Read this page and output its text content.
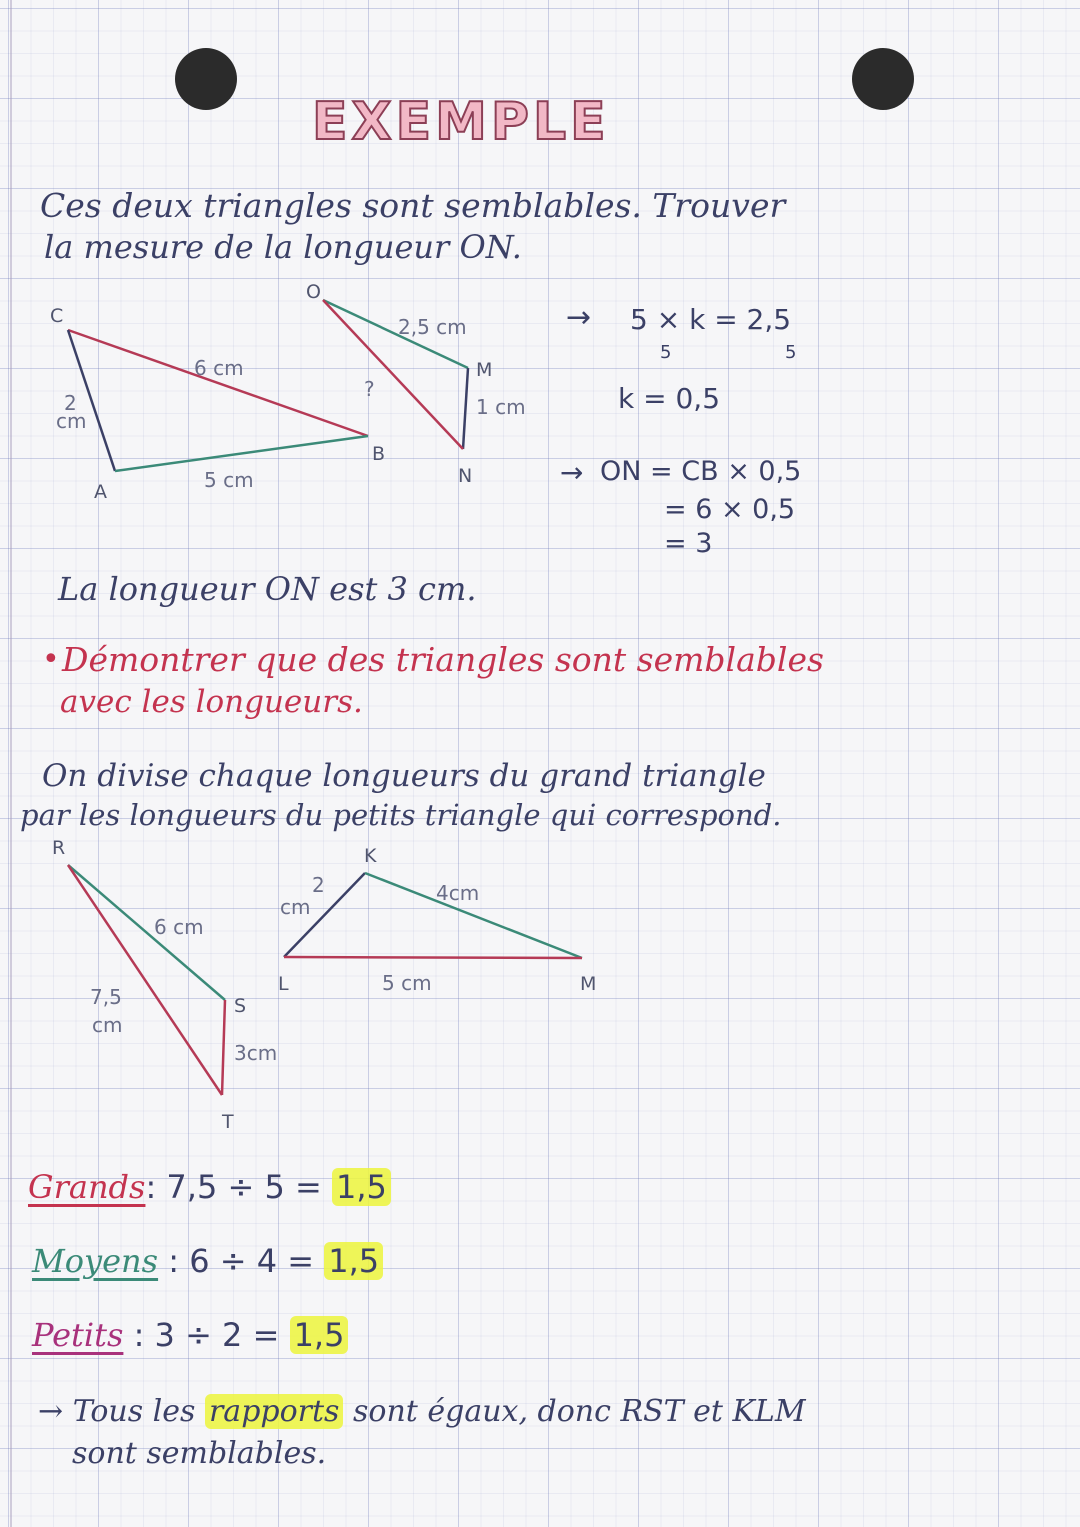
EXEMPLE
Ces deux triangles sont semblables. Trouver
la mesure de la longueur ON.
C
A
B
O
M
N
6 cm
2
cm
5 cm
2,5 cm
1 cm
?
→ 5 × k = 2,5
5	5
k = 0,5
→ ON = CB × 0,5
= 6 × 0,5
= 3
La longueur ON est 3 cm.
• Démontrer que des triangles sont semblables
avec les longueurs.
On divise chaque longueurs du grand triangle
par les longueurs du petits triangle qui correspond.
R
S
T
K
L	M
6 cm
7,5
cm
3cm
2
cm
4cm
5 cm
Grands: 7,5 ÷ 5 = 1,5
Moyens : 6 ÷ 4 = 1,5
Petits : 3 ÷ 2 = 1,5
→ Tous les rapports sont égaux, donc RST et KLM
sont semblables.
